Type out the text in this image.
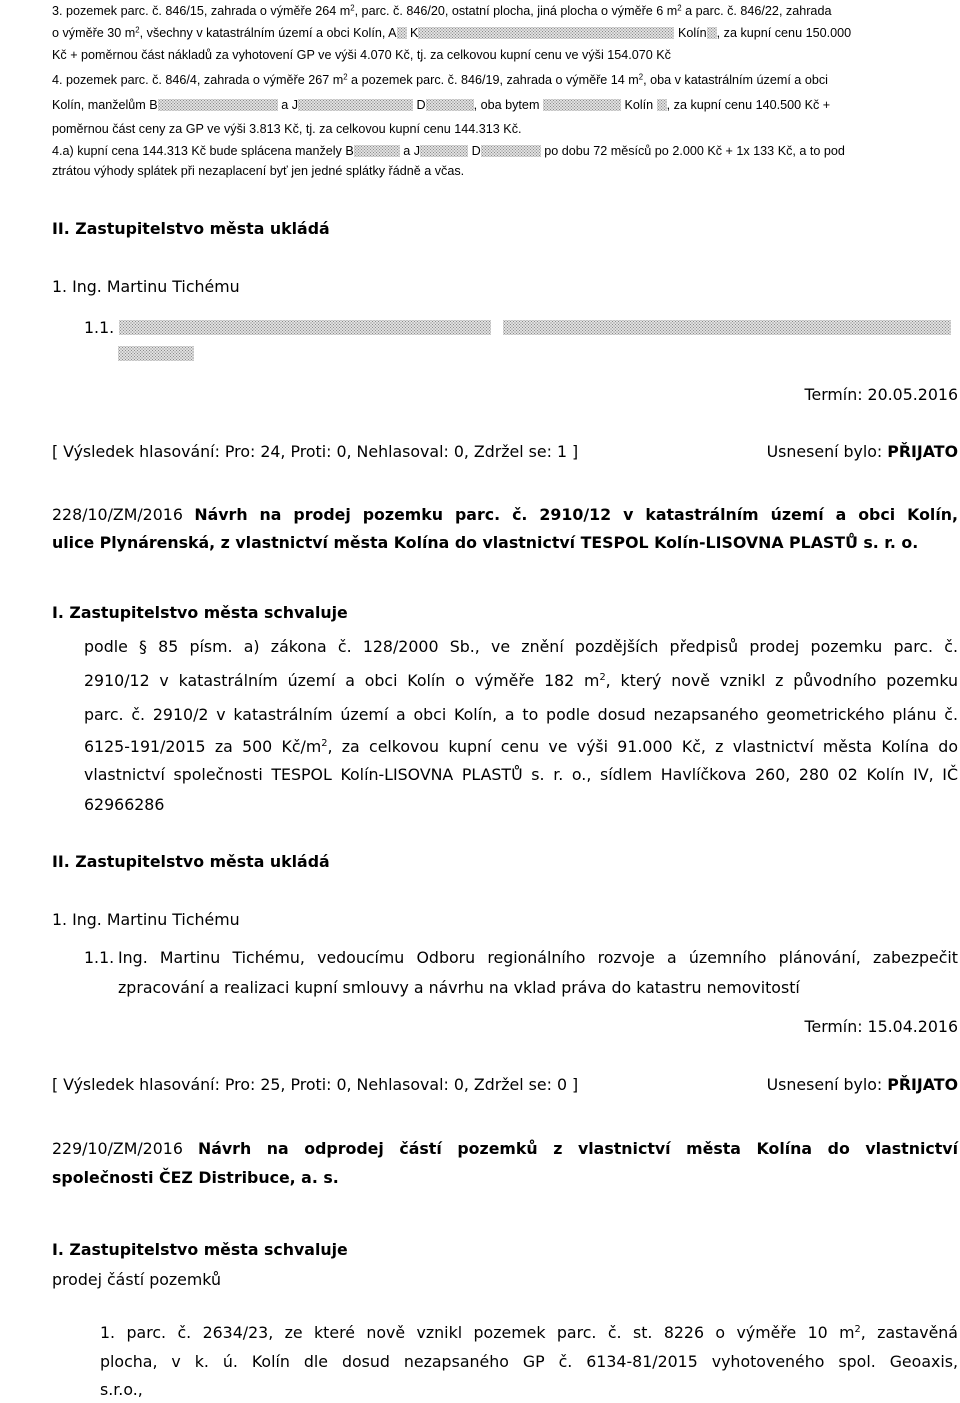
3. pozemek parc. č. 846/15, zahrada o výměře 264 $m^2$, parc. č. 846/20, ostatní plocha, jiná plocha o výměře 6 $m^2$ a parc. č. 846/22, zahrada
o výměře 30 $m^2$, všechny v katastrálním území a obci Kolín, A K	Kolín , za kupní cenu 150.000
Kč + poměrnou část nákladů za vyhotovení GP ve výši 4.070 Kč, tj. za celkovou kupní cenu ve výši 154.070 Kč
4. pozemek parc. č. 846/4, zahrada o výměře 267 $m^2$ a pozemek parc. č. 846/19, zahrada o výměře 14 $m^2$, oba v katastrálním území a obci
Kolín, manželům B	a J	D	, oba bytem	Kolín , za kupní cenu 140.500 Kč +
poměrnou část ceny za GP ve výši 3.813 Kč, tj. za celkovou kupní cenu 144.313 Kč.
4.a) kupní cena 144.313 Kč bude splácena manžely B	a J	D	po dobu 72 měsíců po 2.000 Kč + 1x 133 Kč, a to pod
ztrátou výhody splátek při nezaplacení byť jen jedné splátky řádně a včas.
II. Zastupitelstvo města ukládá
1. Ing. Martinu Tichému
1.1.
Termín: 20.05.2016
[ Výsledek hlasování: Pro: 24, Proti: 0, Nehlasoval: 0, Zdržel se: 1 ]	Usnesení bylo: PŘIJATO
228/10/ZM/2016 Návrh na prodej pozemku parc. č. 2910/12 v katastrálním území a obci Kolín,
ulice Plynárenská, z vlastnictví města Kolína do vlastnictví TESPOL Kolín-LISOVNA PLASTŮ s. r. o.
I. Zastupitelstvo města schvaluje
podle § 85 písm. a) zákona č. 128/2000 Sb., ve znění pozdějších předpisů prodej pozemku parc. č.
2910/12 v katastrálním území a obci Kolín o výměře 182 $m^2$, který nově vznikl z původního pozemku
parc. č. 2910/2 v katastrálním území a obci Kolín, a to podle dosud nezapsaného geometrického plánu č.
6125-191/2015 za 500 $Kč/m^2$, za celkovou kupní cenu ve výši 91.000 Kč, z vlastnictví města Kolína do
vlastnictví společnosti TESPOL Kolín-LISOVNA PLASTŮ s. r. o., sídlem Havlíčkova 260, 280 02 Kolín IV, IČ
62966286
II. Zastupitelstvo města ukládá
1. Ing. Martinu Tichému
1.1. Ing. Martinu Tichému, vedoucímu Odboru regionálního rozvoje a územního plánování, zabezpečit
zpracování a realizaci kupní smlouvy a návrhu na vklad práva do katastru nemovitostí
Termín: 15.04.2016
[ Výsledek hlasování: Pro: 25, Proti: 0, Nehlasoval: 0, Zdržel se: 0 ]	Usnesení bylo: PŘIJATO
229/10/ZM/2016 Návrh na odprodej částí pozemků z vlastnictví města Kolína do vlastnictví
společnosti ČEZ Distribuce, a. s.
I. Zastupitelstvo města schvaluje
prodej částí pozemků
1. parc. č. 2634/23, ze které nově vznikl pozemek parc. č. st. 8226 o výměře 10 $m^2$, zastavěná
plocha, v k. ú. Kolín dle dosud nezapsaného GP č. 6134-81/2015 vyhotoveného spol. Geoaxis,
s.r.o.,
